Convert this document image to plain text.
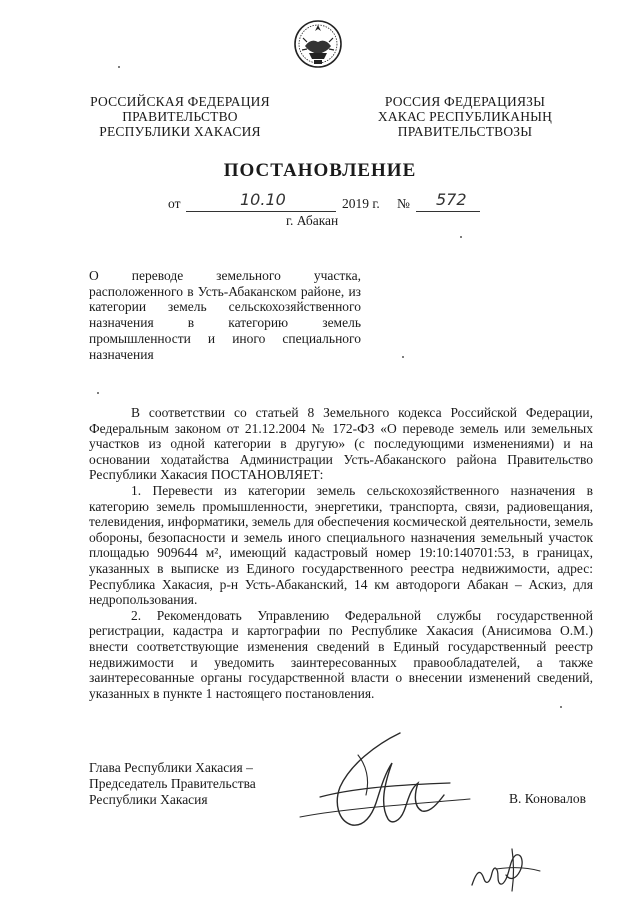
РОССИЙСКАЯ ФЕДЕРАЦИЯ
ПРАВИТЕЛЬСТВО
РЕСПУБЛИКИ ХАКАСИЯ
РОССИЯ ФЕДЕРАЦИЯЗЫ
ХАКАС РЕСПУБЛИКАНЫҢ
ПРАВИТЕЛЬСТВОЗЫ
ПОСТАНОВЛЕНИЕ
от	10.10	2019 г. № 572
г. Абакан
О переводе земельного участка, расположенного в Усть-Абаканском районе, из категории земель сельскохозяйственного назначения в категорию земель промышленности и иного специального назначения

В соответствии со статьей 8 Земельного кодекса Российской Федерации, Федеральным законом от 21.12.2004 № 172-ФЗ «О переводе земель или земельных участков из одной категории в другую» (с последующими изменениями) и на основании ходатайства Администрации Усть-Абаканского района Правительство Республики Хакасия ПОСТАНОВЛЯЕТ:

1. Перевести из категории земель сельскохозяйственного назначения в категорию земель промышленности, энергетики, транспорта, связи, радиовещания, телевидения, информатики, земель для обеспечения космической деятельности, земель обороны, безопасности и земель иного специального назначения земельный участок площадью 909644 м², имеющий кадастровый номер 19:10:140701:53, в границах, указанных в выписке из Единого государственного реестра недвижимости, адрес: Республика Хакасия, р-н Усть-Абаканский, 14 км автодороги Абакан – Аскиз, для недропользования.

2. Рекомендовать Управлению Федеральной службы государственной регистрации, кадастра и картографии по Республике Хакасия (Анисимова О.М.) внести соответствующие изменения сведений в Единый государственный реестр недвижимости и уведомить заинтересованных правообладателей, а также заинтересованные органы государственной власти о внесении изменений сведений, указанных в пункте 1 настоящего постановления.

Глава Республики Хакасия –
Председатель Правительства
Республики Хакасия	В. Коновалов
